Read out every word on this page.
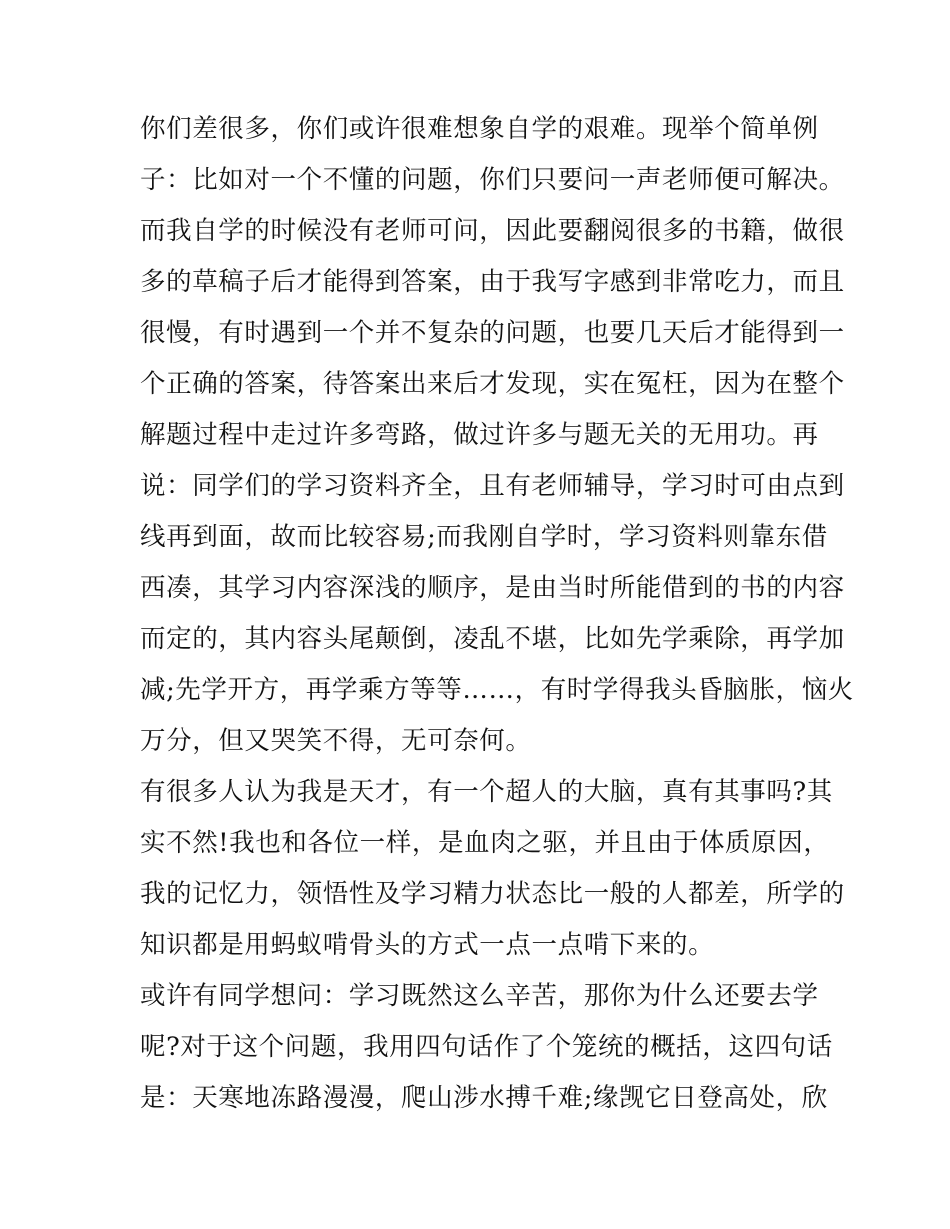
你们差很多，你们或许很难想象自学的艰难。现举个简单例
子：比如对一个不懂的问题，你们只要问一声老师便可解决。
而我自学的时候没有老师可问，因此要翻阅很多的书籍，做很
多的草稿子后才能得到答案，由于我写字感到非常吃力，而且
很慢，有时遇到一个并不复杂的问题，也要几天后才能得到一
个正确的答案，待答案出来后才发现，实在冤枉，因为在整个
解题过程中走过许多弯路，做过许多与题无关的无用功。再
说：同学们的学习资料齐全，且有老师辅导，学习时可由点到
线再到面，故而比较容易;而我刚自学时，学习资料则靠东借
西凑，其学习内容深浅的顺序，是由当时所能借到的书的内容
而定的，其内容头尾颠倒，凌乱不堪，比如先学乘除，再学加
减;先学开方，再学乘方等等……，有时学得我头昏脑胀，恼火
万分，但又哭笑不得，无可奈何。
有很多人认为我是天才，有一个超人的大脑，真有其事吗?其
实不然!我也和各位一样，是血肉之驱，并且由于体质原因，
我的记忆力，领悟性及学习精力状态比一般的人都差，所学的
知识都是用蚂蚁啃骨头的方式一点一点啃下来的。
或许有同学想问：学习既然这么辛苦，那你为什么还要去学
呢?对于这个问题，我用四句话作了个笼统的概括，这四句话
是：天寒地冻路漫漫，爬山涉水搏千难;缘觊它日登高处，欣
